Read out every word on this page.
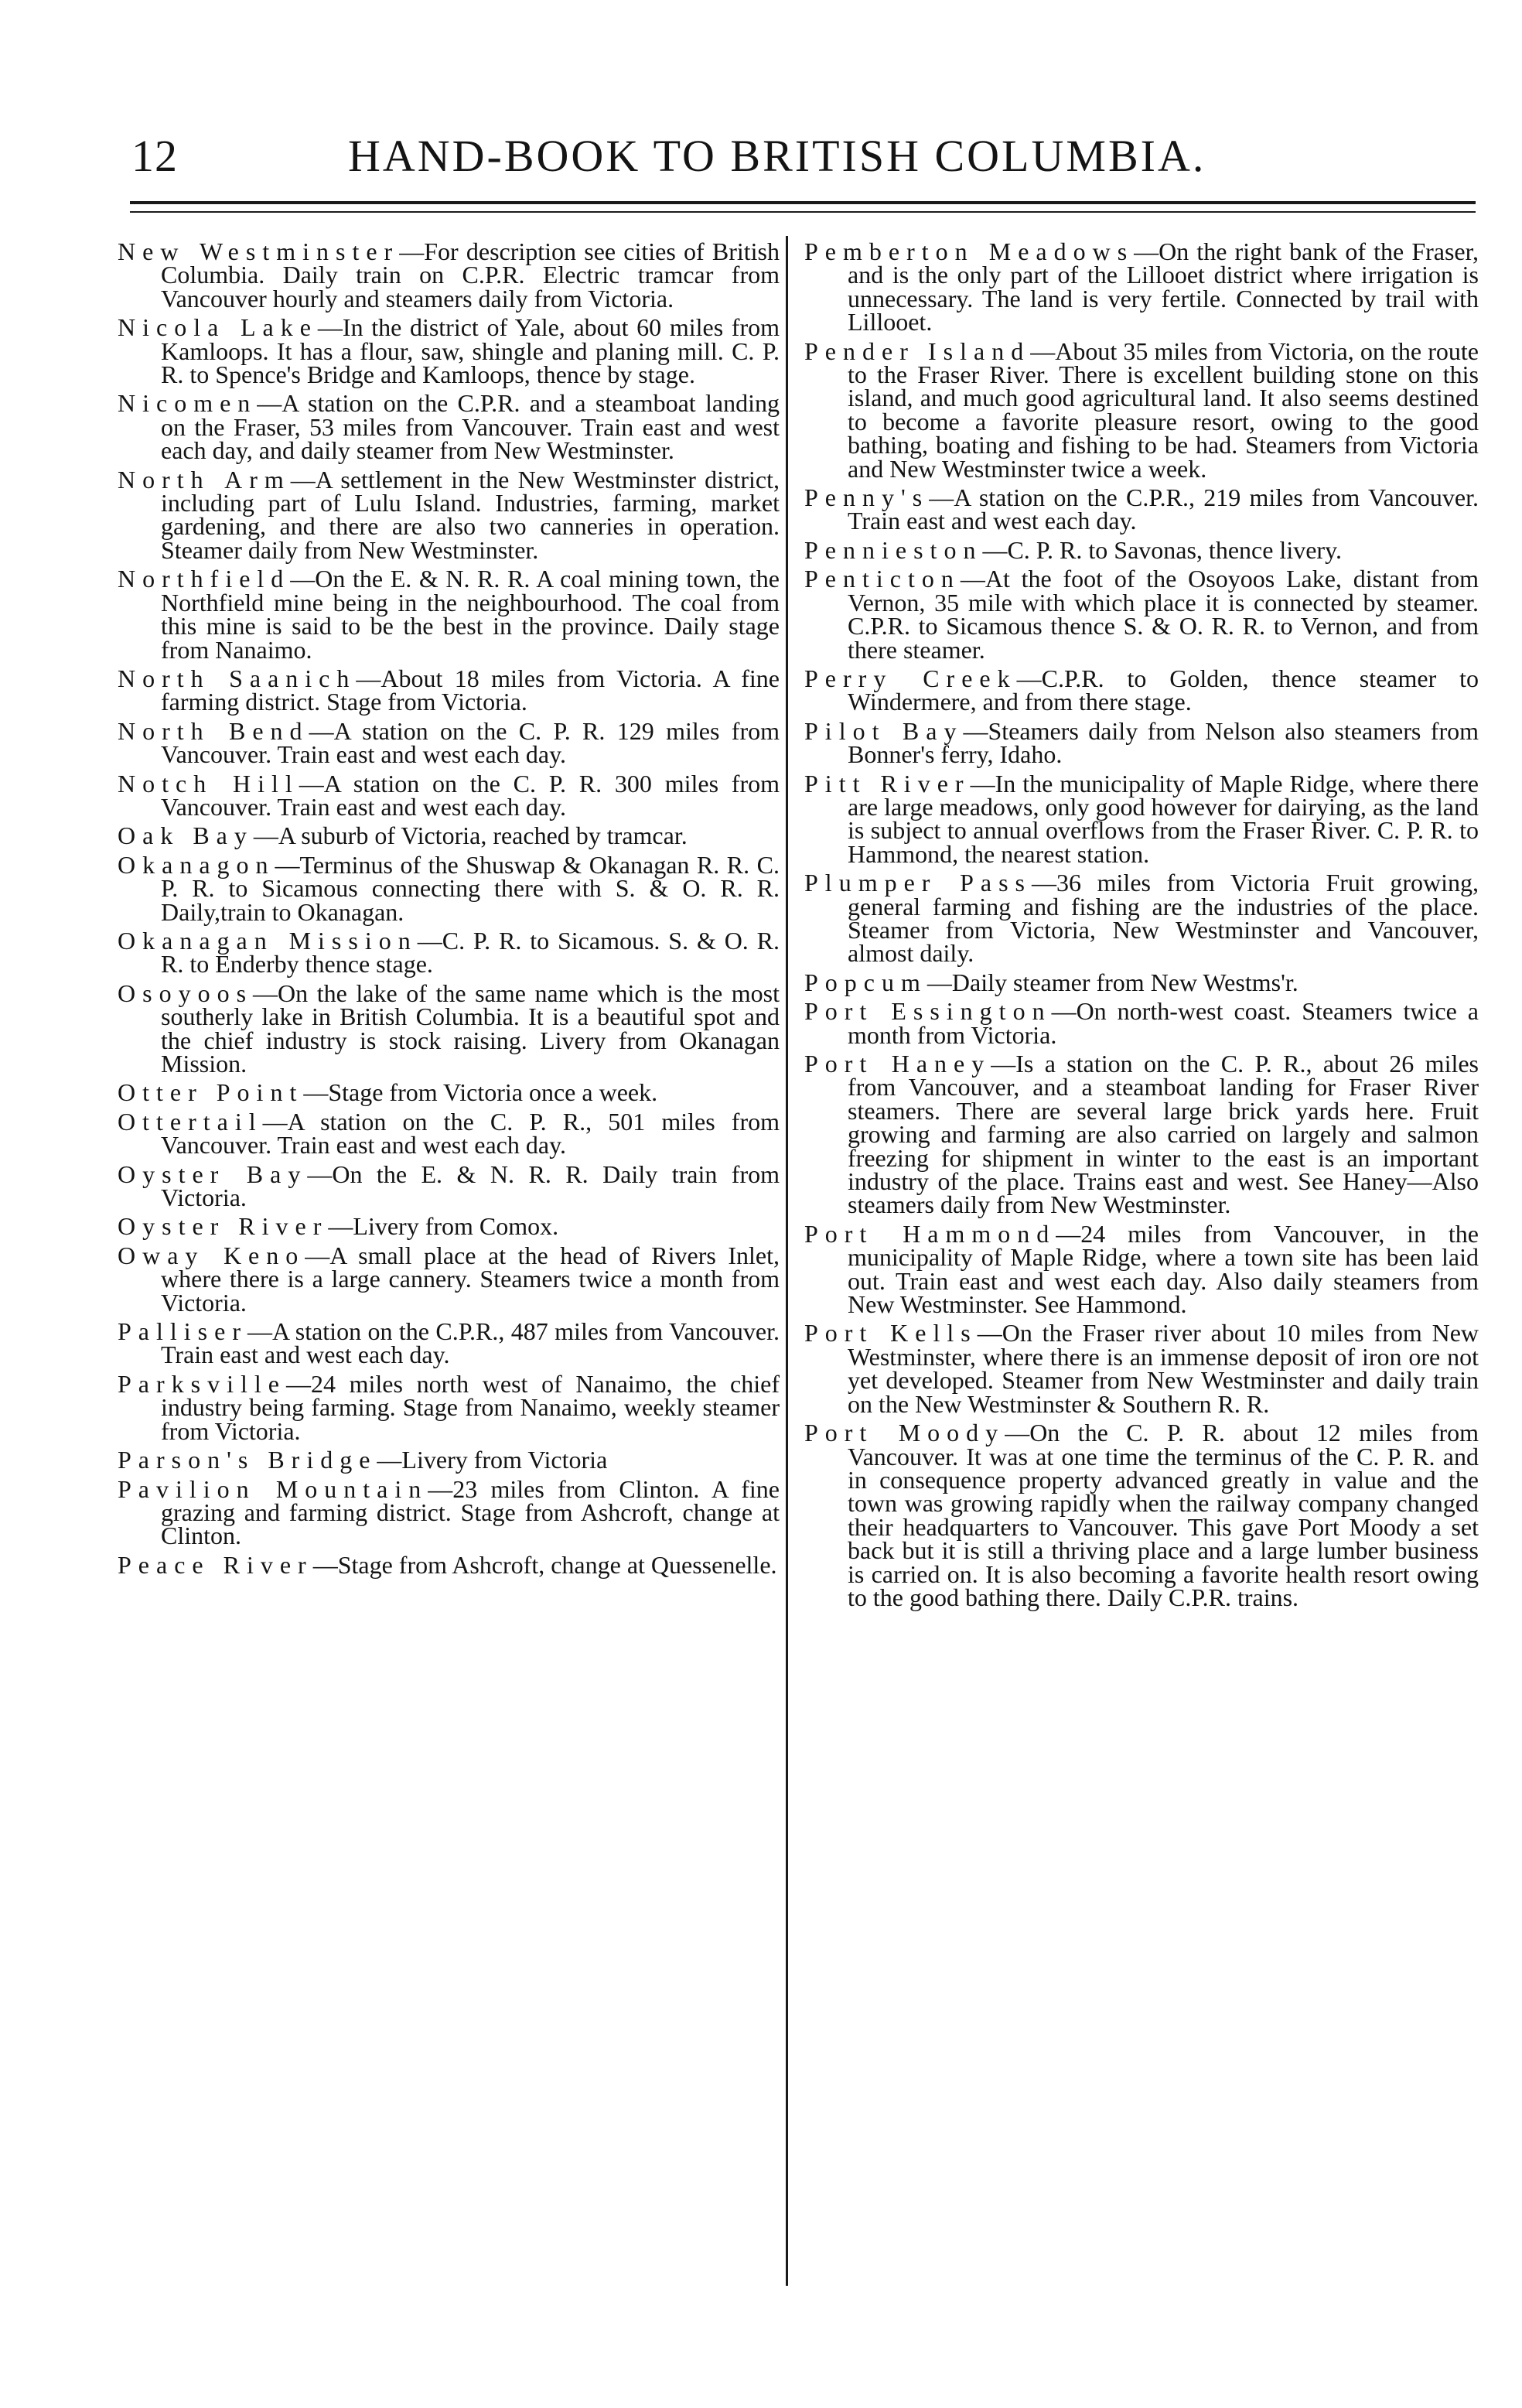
12	HAND-BOOK TO BRITISH COLUMBIA.

New Westminster—For description see cities of British Columbia. Daily train on C.P.R. Electric tramcar from Vancouver hourly and steamers daily from Victoria.

Nicola Lake—In the district of Yale, about 60 miles from Kamloops. It has a flour, saw, shingle and planing mill. C. P. R. to Spence's Bridge and Kamloops, thence by stage.

Nicomen—A station on the C.P.R. and a steamboat landing on the Fraser, 53 miles from Vancouver. Train east and west each day, and daily steamer from New Westminster.

North Arm—A settlement in the New Westminster district, including part of Lulu Island. Industries, farming, market gardening, and there are also two canneries in operation. Steamer daily from New Westminster.

Northfield—On the E. & N. R. R. A coal mining town, the Northfield mine being in the neighbourhood. The coal from this mine is said to be the best in the province. Daily stage from Nanaimo.

North Saanich—About 18 miles from Victoria. A fine farming district. Stage from Victoria.

North Bend—A station on the C. P. R. 129 miles from Vancouver. Train east and west each day.

Notch Hill—A station on the C. P. R. 300 miles from Vancouver. Train east and west each day.

Oak Bay—A suburb of Victoria, reached by tramcar.

Okanagon—Terminus of the Shuswap & Okanagan R. R. C. P. R. to Sicamous connecting there with S. & O. R. R. Daily,train to Okanagan.

Okanagan Mission—C. P. R. to Sicamous. S. & O. R. R. to Enderby thence stage.

Osoyoos—On the lake of the same name which is the most southerly lake in British Columbia. It is a beautiful spot and the chief industry is stock raising. Livery from Okanagan Mission.

Otter Point—Stage from Victoria once a week.

Ottertail—A station on the C. P. R., 501 miles from Vancouver. Train east and west each day.

Oyster Bay—On the E. & N. R. R. Daily train from Victoria.

Oyster River—Livery from Comox.

Oway Keno—A small place at the head of Rivers Inlet, where there is a large cannery. Steamers twice a month from Victoria.

Palliser—A station on the C.P.R., 487 miles from Vancouver. Train east and west each day.

Parksville—24 miles north west of Nanaimo, the chief industry being farming. Stage from Nanaimo, weekly steamer from Victoria.

Parson's Bridge—Livery from Victoria

Pavilion Mountain—23 miles from Clinton. A fine grazing and farming district. Stage from Ashcroft, change at Clinton.

Peace River—Stage from Ashcroft, change at Quessenelle.

Pemberton Meadows—On the right bank of the Fraser, and is the only part of the Lillooet district where irrigation is unnecessary. The land is very fertile. Connected by trail with Lillooet.

Pender Island—About 35 miles from Victoria, on the route to the Fraser River. There is excellent building stone on this island, and much good agricultural land. It also seems destined to become a favorite pleasure resort, owing to the good bathing, boating and fishing to be had. Steamers from Victoria and New Westminster twice a week.

Penny's—A station on the C.P.R., 219 miles from Vancouver. Train east and west each day.

Pennieston—C. P. R. to Savonas, thence livery.

Penticton—At the foot of the Osoyoos Lake, distant from Vernon, 35 mile with which place it is connected by steamer. C.P.R. to Sicamous thence S. & O. R. R. to Vernon, and from there steamer.

Perry Creek—C.P.R. to Golden, thence steamer to Windermere, and from there stage.

Pilot Bay—Steamers daily from Nelson also steamers from Bonner's ferry, Idaho.

Pitt River—In the municipality of Maple Ridge, where there are large meadows, only good however for dairying, as the land is subject to annual overflows from the Fraser River. C. P. R. to Hammond, the nearest station.

Plumper Pass—36 miles from Victoria Fruit growing, general farming and fishing are the industries of the place. Steamer from Victoria, New Westminster and Vancouver, almost daily.

Popcum—Daily steamer from New Westms'r.

Port Essington—On north-west coast. Steamers twice a month from Victoria.

Port Haney—Is a station on the C. P. R., about 26 miles from Vancouver, and a steamboat landing for Fraser River steamers. There are several large brick yards here. Fruit growing and farming are also carried on largely and salmon freezing for shipment in winter to the east is an important industry of the place. Trains east and west. See Haney—Also steamers daily from New Westminster.

Port Hammond—24 miles from Vancouver, in the municipality of Maple Ridge, where a town site has been laid out. Train east and west each day. Also daily steamers from New Westminster. See Hammond.

Port Kells—On the Fraser river about 10 miles from New Westminster, where there is an immense deposit of iron ore not yet developed. Steamer from New Westminster and daily train on the New Westminster & Southern R. R.

Port Moody—On the C. P. R. about 12 miles from Vancouver. It was at one time the terminus of the C. P. R. and in consequence property advanced greatly in value and the town was growing rapidly when the railway company changed their headquarters to Vancouver. This gave Port Moody a set back but it is still a thriving place and a large lumber business is carried on. It is also becoming a favorite health resort owing to the good bathing there. Daily C.P.R. trains.
